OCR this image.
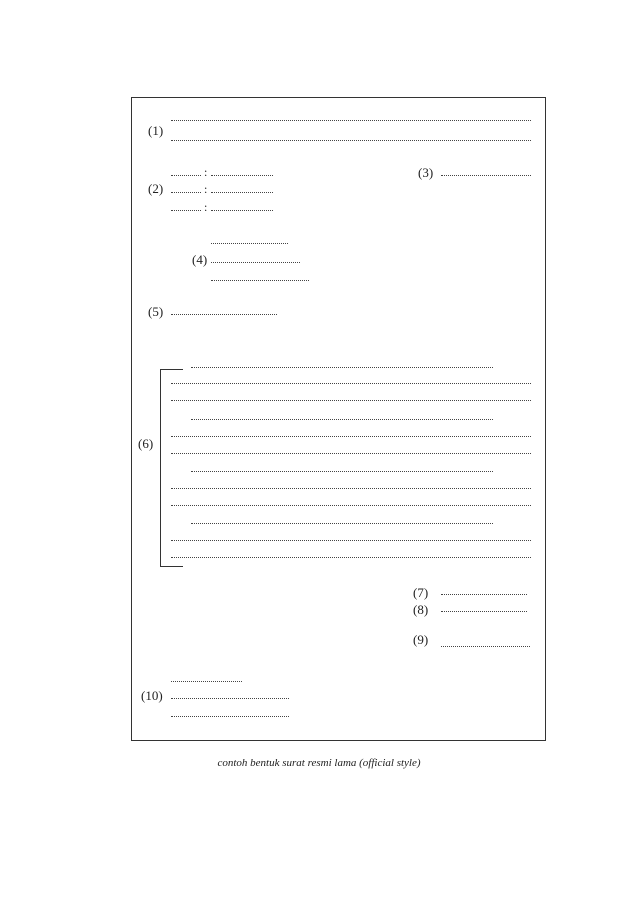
(1)
:
(2)	:
:
(3)
(4)
(5)
(6)
(7)
(8)
(9)
(10)
contoh bentuk surat resmi lama (official style)
